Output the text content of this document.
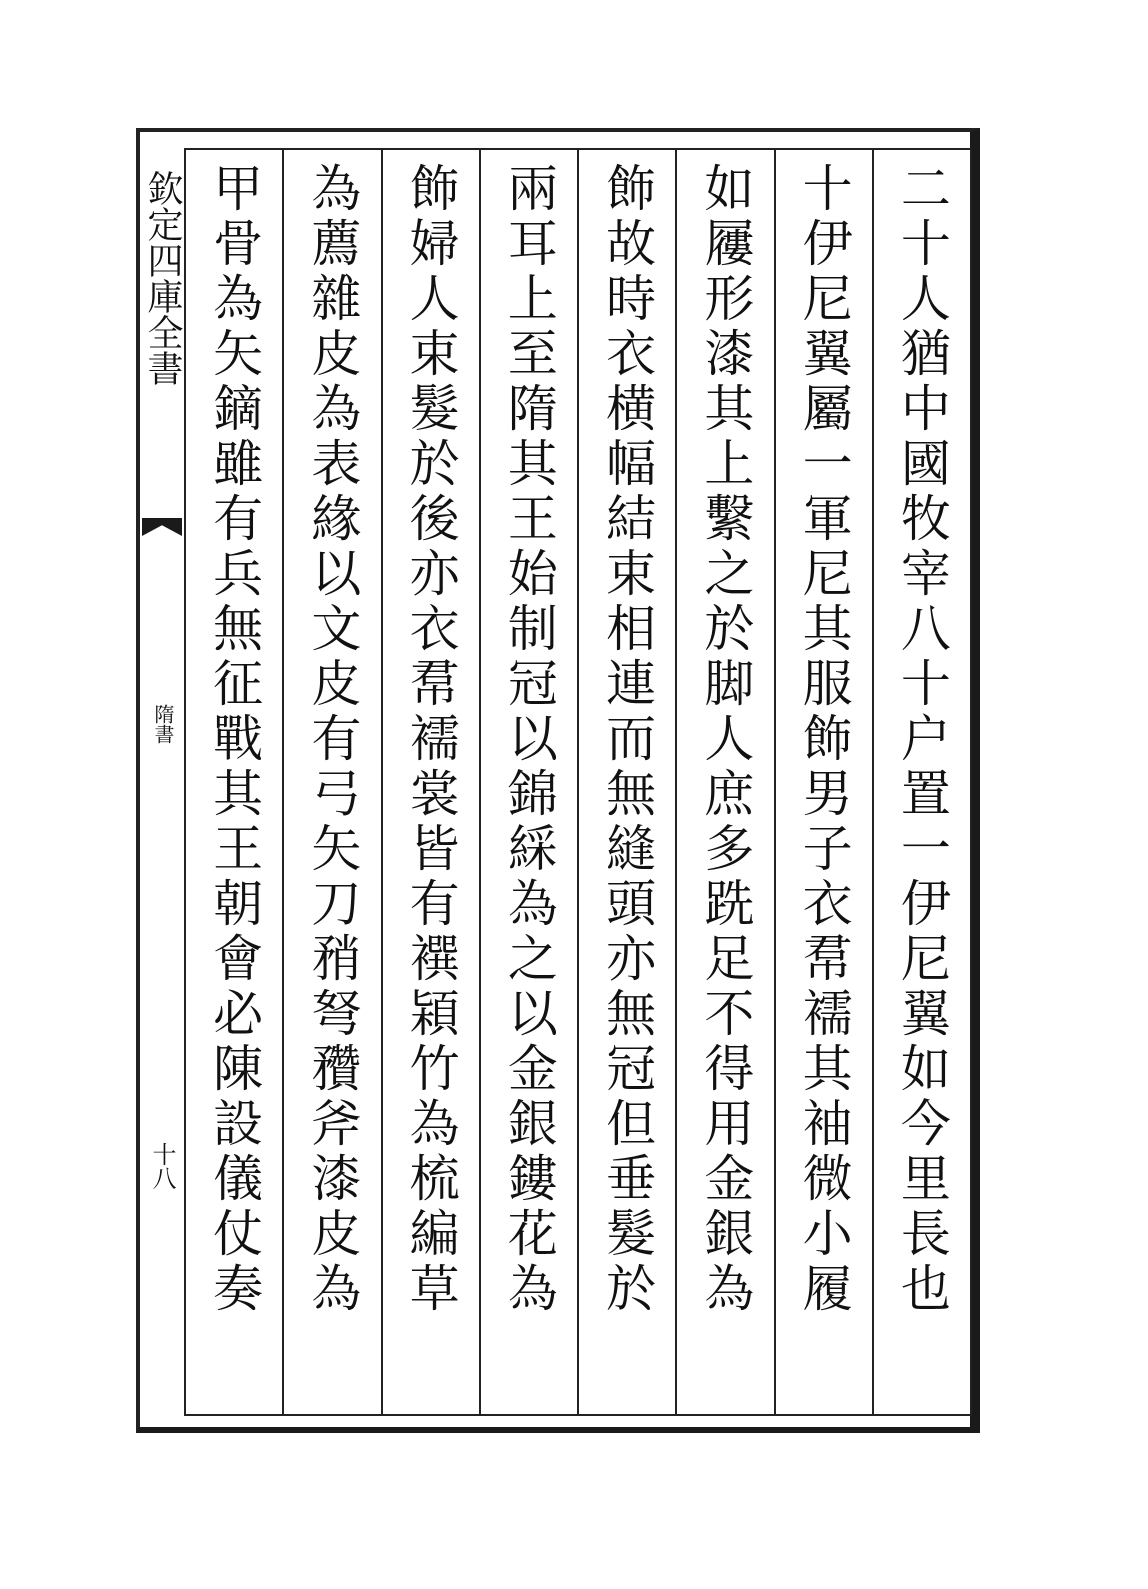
欽定四庫全書
隋書
十八	二十人猶中國牧宰八十户置一伊尼翼如今里長也
十伊尼翼屬一軍尼其服飾男子衣帬襦其袖微小履
如屨形漆其上繫之於脚人庶多跣足不得用金銀為
飾故時衣横幅結束相連而無縫頭亦無冠但垂髮於
兩耳上至隋其王始制冠以錦綵為之以金銀鏤花為
飾婦人束髮於後亦衣帬襦裳皆有襈㯋竹為梳編草
為薦雜皮為表緣以文皮有弓矢刀矟弩䂎斧漆皮為
甲骨為矢鏑雖有兵無征戰其王朝會必陳設儀仗奏
